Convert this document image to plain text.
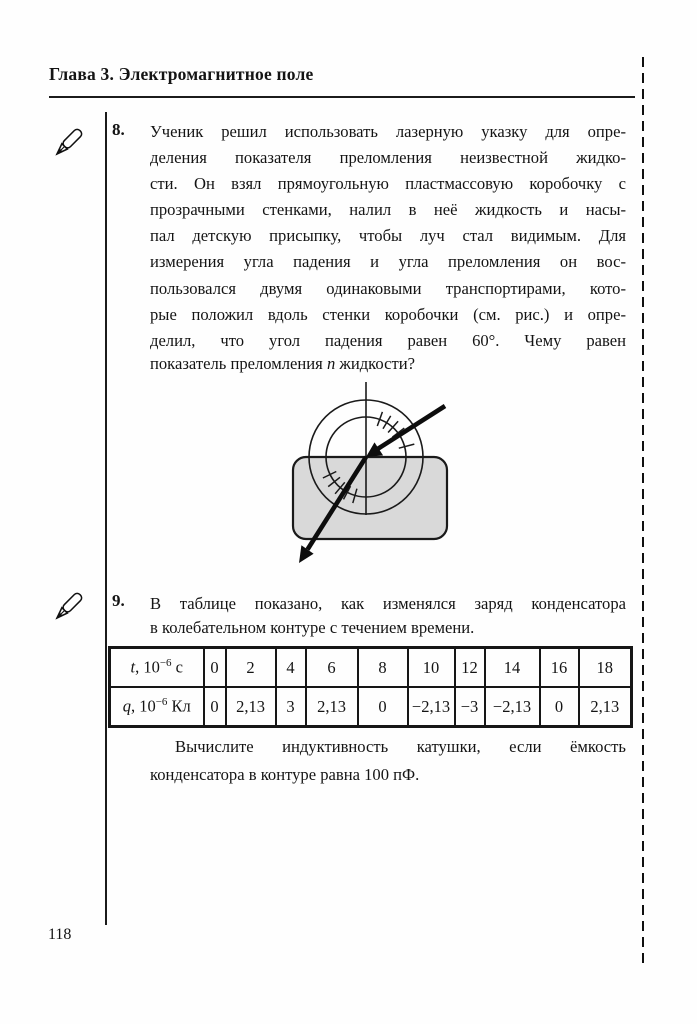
Глава 3. Электромагнитное поле
8.	Ученик решил использовать лазерную указку для опре-
деления показателя преломления неизвестной жидко-
сти. Он взял прямоугольную пластмассовую коробочку с
прозрачными стенками, налил в неё жидкость и насы-
пал детскую присыпку, чтобы луч стал видимым. Для
измерения угла падения и угла преломления он вос-
пользовался двумя одинаковыми транспортирами, кото-
рые положил вдоль стенки коробочки (см. рис.) и опре-
делил, что угол падения равен 60°. Чему равен
показатель преломления n жидкости?
9.	В таблице показано, как изменялся заряд конденсатора
в колебательном контуре с течением времени.
t, $10^{-6}$ с	0	2	4	6	8	10	12	14	16	18
q, $10^{-6}$ Кл	0	2,13	3	2,13	0	−2,13	−3	−2,13	0	2,13
Вычислите индуктивность катушки, если ёмкость
конденсатора в контуре равна 100 пФ.
118
